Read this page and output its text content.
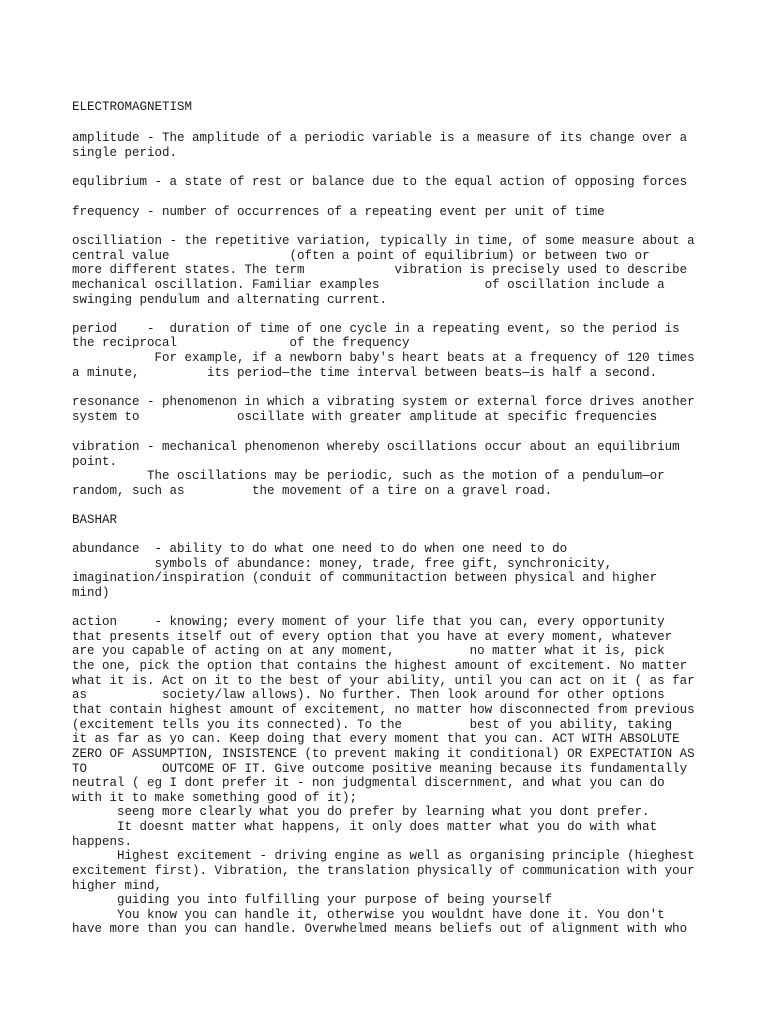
ELECTROMAGNETISM

amplitude - The amplitude of a periodic variable is a measure of its change over a

single period.

equlibrium - a state of rest or balance due to the equal action of opposing forces

frequency - number of occurrences of a repeating event per unit of time

oscilliation - the repetitive variation, typically in time, of some measure about a

central value                (often a point of equilibrium) or between two or

more different states. The term            vibration is precisely used to describe

mechanical oscillation. Familiar examples              of oscillation include a

swinging pendulum and alternating current.

period    -  duration of time of one cycle in a repeating event, so the period is

the reciprocal               of the frequency

For example, if a newborn baby's heart beats at a frequency of 120 times

a minute,         its period—the time interval between beats—is half a second.

resonance - phenomenon in which a vibrating system or external force drives another

system to             oscillate with greater amplitude at specific frequencies

vibration - mechanical phenomenon whereby oscillations occur about an equilibrium

point.

The oscillations may be periodic, such as the motion of a pendulum—or

random, such as         the movement of a tire on a gravel road.

BASHAR

abundance  - ability to do what one need to do when one need to do

symbols of abundance: money, trade, free gift, synchronicity,

imagination/inspiration (conduit of communitaction between physical and higher

mind)

action     - knowing; every moment of your life that you can, every opportunity

that presents itself out of every option that you have at every moment, whatever

are you capable of acting on at any moment,          no matter what it is, pick

the one, pick the option that contains the highest amount of excitement. No matter

what it is. Act on it to the best of your ability, until you can act on it ( as far

as          society/law allows). No further. Then look around for other options

that contain highest amount of excitement, no matter how disconnected from previous

(excitement tells you its connected). To the         best of you ability, taking

it as far as yo can. Keep doing that every moment that you can. ACT WITH ABSOLUTE

ZERO OF ASSUMPTION, INSISTENCE (to prevent making it conditional) OR EXPECTATION AS

TO          OUTCOME OF IT. Give outcome positive meaning because its fundamentally

neutral ( eg I dont prefer it - non judgmental discernment, and what you can do

with it to make something good of it);

seeng more clearly what you do prefer by learning what you dont prefer.

It doesnt matter what happens, it only does matter what you do with what

happens.

Highest excitement - driving engine as well as organising principle (hieghest

excitement first). Vibration, the translation physically of communication with your

higher mind,

guiding you into fulfilling your purpose of being yourself

You know you can handle it, otherwise you wouldnt have done it. You don't

have more than you can handle. Overwhelmed means beliefs out of alignment with who
